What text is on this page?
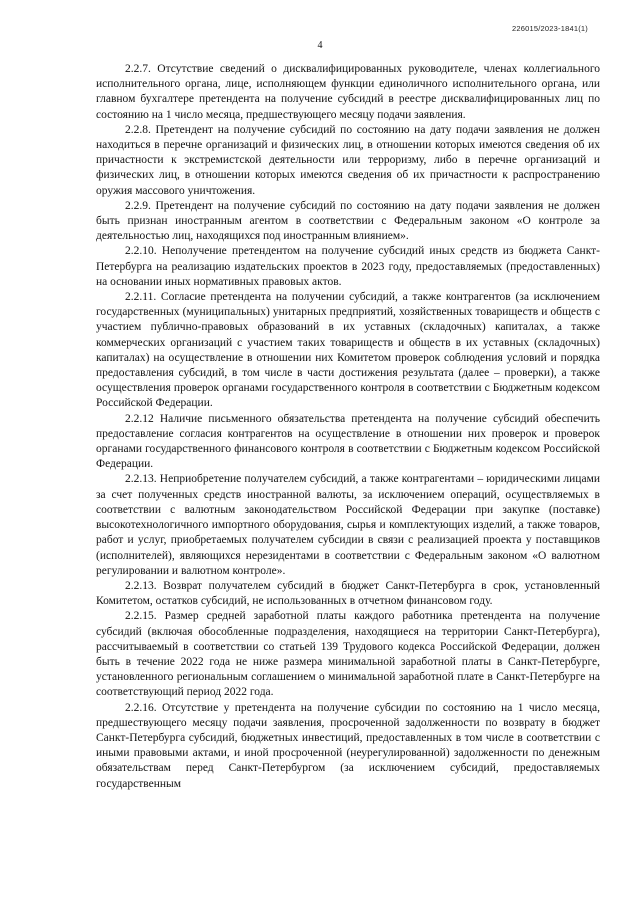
226015/2023-1841(1)
4

2.2.7. Отсутствие сведений о дисквалифицированных руководителе, членах коллегиального исполнительного органа, лице, исполняющем функции единоличного исполнительного органа, или главном бухгалтере претендента на получение субсидий в реестре дисквалифицированных лиц по состоянию на 1 число месяца, предшествующего месяцу подачи заявления.

2.2.8. Претендент на получение субсидий по состоянию на дату подачи заявления не должен находиться в перечне организаций и физических лиц, в отношении которых имеются сведения об их причастности к экстремистской деятельности или терроризму, либо в перечне организаций и физических лиц, в отношении которых имеются сведения об их причастности к распространению оружия массового уничтожения.

2.2.9. Претендент на получение субсидий по состоянию на дату подачи заявления не должен быть признан иностранным агентом в соответствии с Федеральным законом «О контроле за деятельностью лиц, находящихся под иностранным влиянием».

2.2.10. Неполучение претендентом на получение субсидий иных средств из бюджета Санкт-Петербурга на реализацию издательских проектов в 2023 году, предоставляемых (предоставленных) на основании иных нормативных правовых актов.

2.2.11. Согласие претендента на получении субсидий, а также контрагентов (за исключением государственных (муниципальных) унитарных предприятий, хозяйственных товариществ и обществ с участием публично-правовых образований в их уставных (складочных) капиталах, а также коммерческих организаций с участием таких товариществ и обществ в их уставных (складочных) капиталах) на осуществление в отношении них Комитетом проверок соблюдения условий и порядка предоставления субсидий, в том числе в части достижения результата (далее – проверки), а также осуществления проверок органами государственного контроля в соответствии с Бюджетным кодексом Российской Федерации.

2.2.12 Наличие письменного обязательства претендента на получение субсидий обеспечить предоставление согласия контрагентов на осуществление в отношении них проверок и проверок органами государственного финансового контроля в соответствии с Бюджетным кодексом Российской Федерации.

2.2.13. Неприобретение получателем субсидий, а также контрагентами – юридическими лицами за счет полученных средств иностранной валюты, за исключением операций, осуществляемых в соответствии с валютным законодательством Российской Федерации при закупке (поставке) высокотехнологичного импортного оборудования, сырья и комплектующих изделий, а также товаров, работ и услуг, приобретаемых получателем субсидии в связи с реализацией проекта у поставщиков (исполнителей), являющихся нерезидентами в соответствии с Федеральным законом «О валютном регулировании и валютном контроле».

2.2.13. Возврат получателем субсидий в бюджет Санкт-Петербурга в срок, установленный Комитетом, остатков субсидий, не использованных в отчетном финансовом году.

2.2.15. Размер средней заработной платы каждого работника претендента на получение субсидий (включая обособленные подразделения, находящиеся на территории Санкт-Петербурга), рассчитываемый в соответствии со статьей 139 Трудового кодекса Российской Федерации, должен быть в течение 2022 года не ниже размера минимальной заработной платы в Санкт-Петербурге, установленного региональным соглашением о минимальной заработной плате в Санкт-Петербурге на соответствующий период 2022 года.

2.2.16. Отсутствие у претендента на получение субсидии по состоянию на 1 число месяца, предшествующего месяцу подачи заявления, просроченной задолженности по возврату в бюджет Санкт-Петербурга субсидий, бюджетных инвестиций, предоставленных в том числе в соответствии с иными правовыми актами, и иной просроченной (неурегулированной) задолженности по денежным обязательствам перед Санкт-Петербургом (за исключением субсидий, предоставляемых государственным
